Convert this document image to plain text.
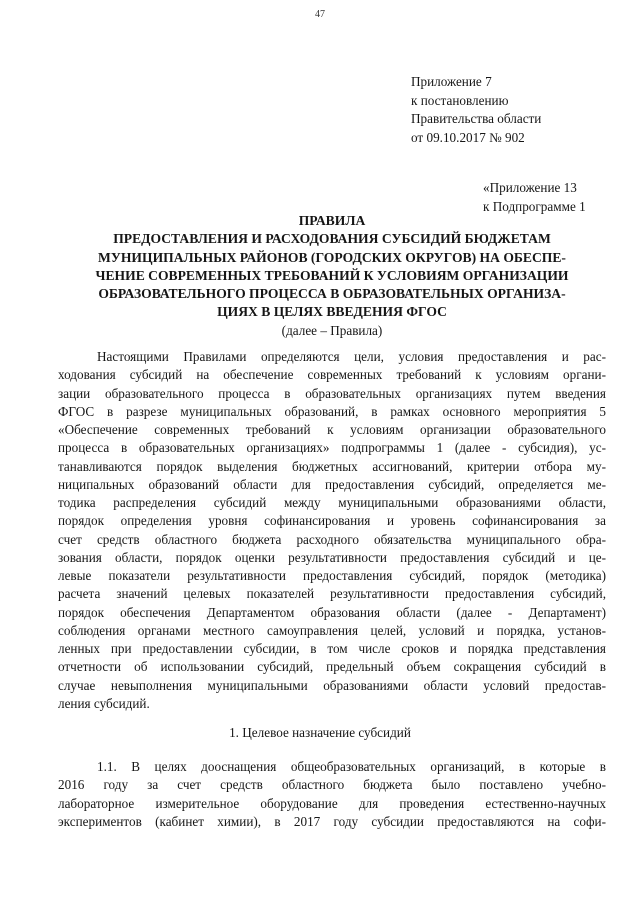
47
Приложение 7
к постановлению
Правительства области
от 09.10.2017 № 902
«Приложение 13
к Подпрограмме 1
ПРАВИЛА
ПРЕДОСТАВЛЕНИЯ И РАСХОДОВАНИЯ СУБСИДИЙ БЮДЖЕТАМ
МУНИЦИПАЛЬНЫХ РАЙОНОВ (ГОРОДСКИХ ОКРУГОВ) НА ОБЕСПЕ-
ЧЕНИЕ СОВРЕМЕННЫХ ТРЕБОВАНИЙ К УСЛОВИЯМ ОРГАНИЗАЦИИ
ОБРАЗОВАТЕЛЬНОГО ПРОЦЕССА В ОБРАЗОВАТЕЛЬНЫХ ОРГАНИЗА-
ЦИЯХ В ЦЕЛЯХ ВВЕДЕНИЯ ФГОС
(далее – Правила)
Настоящими Правилами определяются цели, условия предоставления и рас-
ходования субсидий на обеспечение современных требований к условиям органи-
зации образовательного процесса в образовательных организациях путем введения
ФГОС в разрезе муниципальных образований, в рамках основного мероприятия 5
«Обеспечение современных требований к условиям организации образовательного
процесса в образовательных организациях» подпрограммы 1 (далее - субсидия), ус-
танавливаются порядок выделения бюджетных ассигнований, критерии отбора му-
ниципальных образований области для предоставления субсидий, определяется ме-
тодика распределения субсидий между муниципальными образованиями области,
порядок определения уровня софинансирования и уровень софинансирования за
счет средств областного бюджета расходного обязательства муниципального обра-
зования области, порядок оценки результативности предоставления субсидий и це-
левые показатели результативности предоставления субсидий, порядок (методика)
расчета значений целевых показателей результативности предоставления субсидий,
порядок обеспечения Департаментом образования области (далее - Департамент)
соблюдения органами местного самоуправления целей, условий и порядка, установ-
ленных при предоставлении субсидии, в том числе сроков и порядка представления
отчетности об использовании субсидий, предельный объем сокращения субсидий в
случае невыполнения муниципальными образованиями области условий предостав-
ления субсидий.
1. Целевое назначение субсидий
1.1. В целях дооснащения общеобразовательных организаций, в которые в
2016 году за счет средств областного бюджета было поставлено учебно-
лабораторное измерительное оборудование для проведения естественно-научных
экспериментов (кабинет химии), в 2017 году субсидии предоставляются на софи-
